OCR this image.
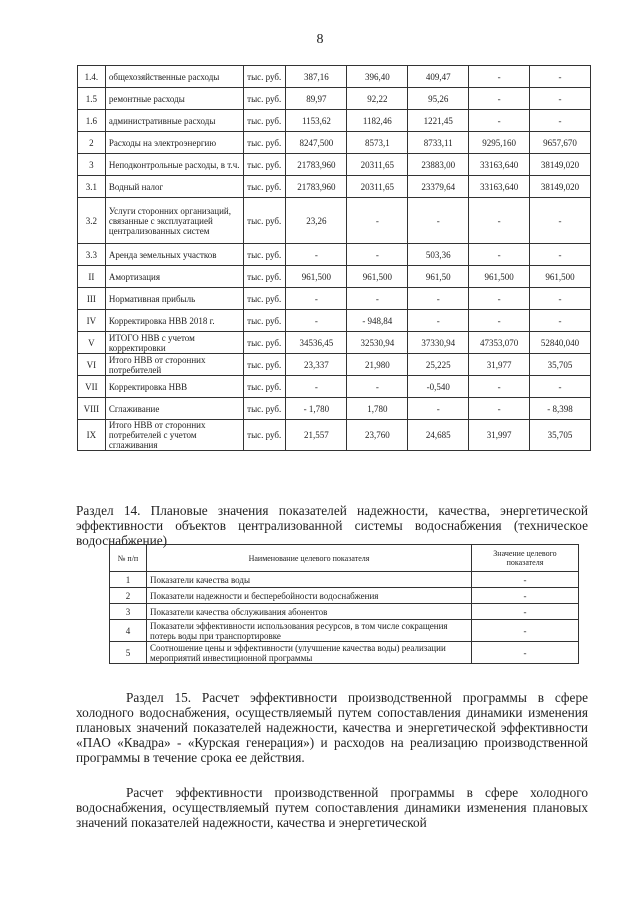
8
1.4.	общехозяйственные расходы	тыс. руб.	387,16	396,40	409,47	-	-
1.5	ремонтные расходы	тыс. руб.	89,97	92,22	95,26	-	-
1.6	административные расходы	тыс. руб.	1153,62	1182,46	1221,45	-	-
2	Расходы на электроэнергию	тыс. руб.	8247,500	8573,1	8733,11	9295,160	9657,670
3	Неподконтрольные расходы, в т.ч.	тыс. руб.	21783,960	20311,65	23883,00	33163,640	38149,020
3.1	Водный налог	тыс. руб.	21783,960	20311,65	23379,64	33163,640	38149,020
3.2	Услуги сторонних организаций, связанные с эксплуатацией централизованных систем	тыс. руб.	23,26	-	-	-	-
3.3	Аренда земельных участков	тыс. руб.	-	-	503,36	-	-
II	Амортизация	тыс. руб.	961,500	961,500	961,50	961,500	961,500
III	Нормативная прибыль	тыс. руб.	-	-	-	-	-
IV	Корректировка НВВ 2018 г.	тыс. руб.	-	- 948,84	-	-	-
V	ИТОГО НВВ с учетом корректировки	тыс. руб.	34536,45	32530,94	37330,94	47353,070	52840,040
VI	Итого НВВ от сторонних потребителей	тыс. руб.	23,337	21,980	25,225	31,977	35,705
VII	Корректировка НВВ	тыс. руб.	-	-	-0,540	-	-
VIII	Сглаживание	тыс. руб.	- 1,780	1,780	-	-	- 8,398
IX	Итого НВВ от сторонних потребителей с учетом сглаживания	тыс. руб.	21,557	23,760	24,685	31,997	35,705
Раздел 14. Плановые значения показателей надежности, качества, энергетической эффективности объектов централизованной системы водоснабжения (техническое водоснабжение)
№ п/п	Наименование целевого показателя	Значение целевого показателя
1	Показатели качества воды	-
2	Показатели надежности и бесперебойности водоснабжения	-
3	Показатели качества обслуживания абонентов	-
4	Показатели эффективности использования ресурсов, в том числе сокращения потерь воды при транспортировке	-
5	Соотношение цены и эффективности (улучшение качества воды) реализации мероприятий инвестиционной программы	-
Раздел 15. Расчет эффективности производственной программы в сфере холодного водоснабжения, осуществляемый путем сопоставления динамики изменения плановых значений показателей надежности, качества и энергетической эффективности «ПАО «Квадра» - «Курская генерация») и расходов на реализацию производственной программы в течение срока ее действия.
Расчет эффективности производственной программы в сфере холодного водоснабжения, осуществляемый путем сопоставления динамики изменения плановых значений показателей надежности, качества и энергетической
